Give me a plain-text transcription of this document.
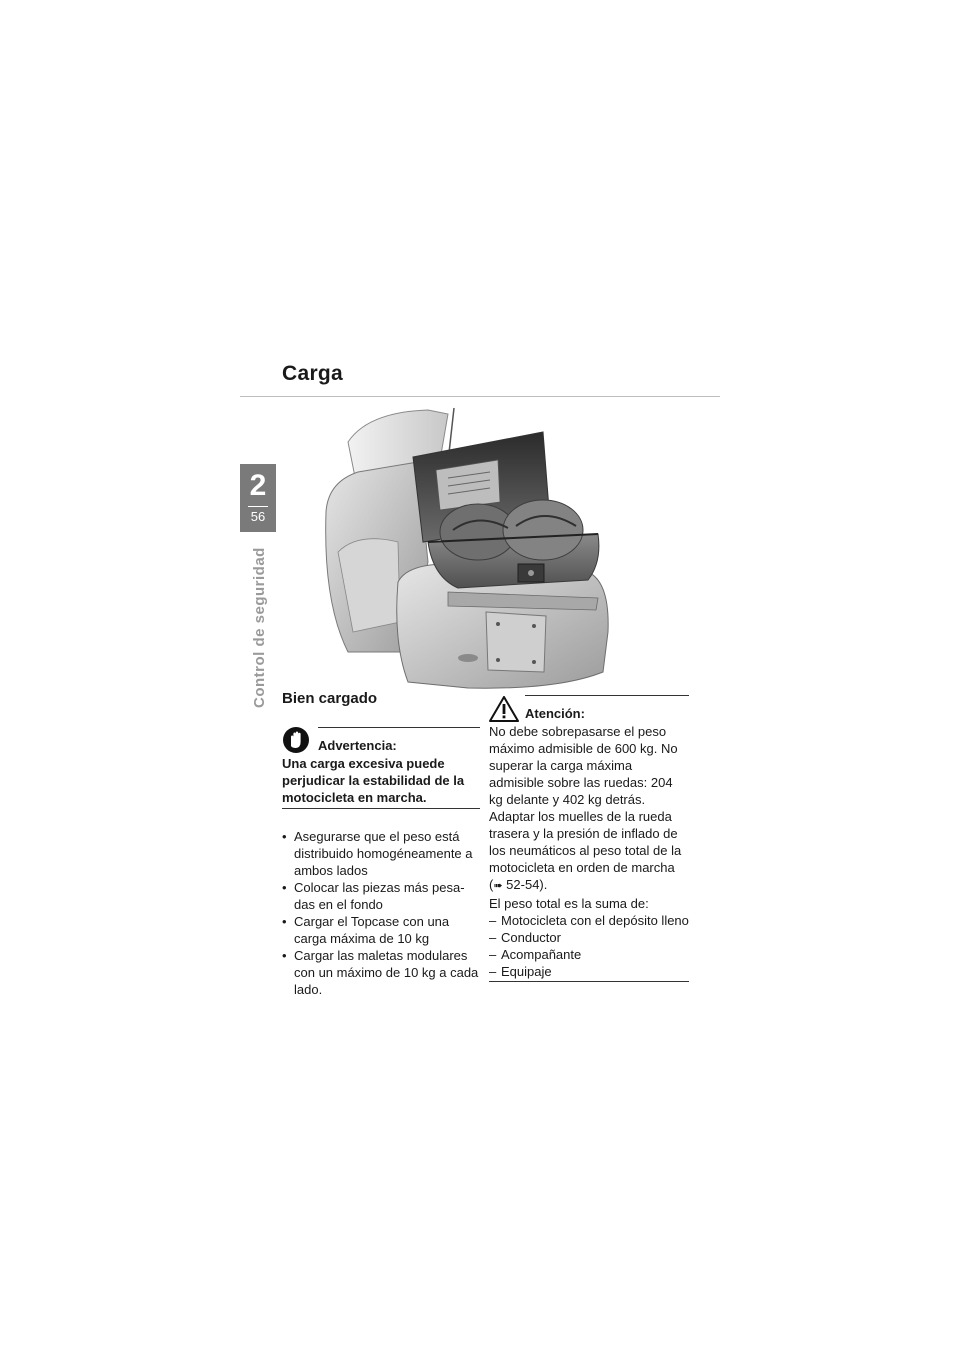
Carga
2
56
Control de seguridad Bien cargado
Advertencia:
Una carga excesiva puede perjudicar la estabilidad de la motocicleta en marcha.
• Asegurarse que el peso está distribuido homogéneamente a ambos lados
• Colocar las piezas más pesa-das en el fondo
• Cargar el Topcase con una carga máxima de 10 kg
• Cargar las maletas modulares con un máximo de 10 kg a cada lado.
Atención:

No debe sobrepasarse el peso máximo admisible de 600 kg. No superar la carga máxima admisible sobre las ruedas: 204 kg delante y 402 kg detrás. Adaptar los muelles de la rueda trasera y la presión de inflado de los neumáticos al peso total de la motocicleta en orden de marcha (➠ 52-54).

El peso total es la suma de:
– Motocicleta con el depósito lleno
– Conductor
– Acompañante
– Equipaje
